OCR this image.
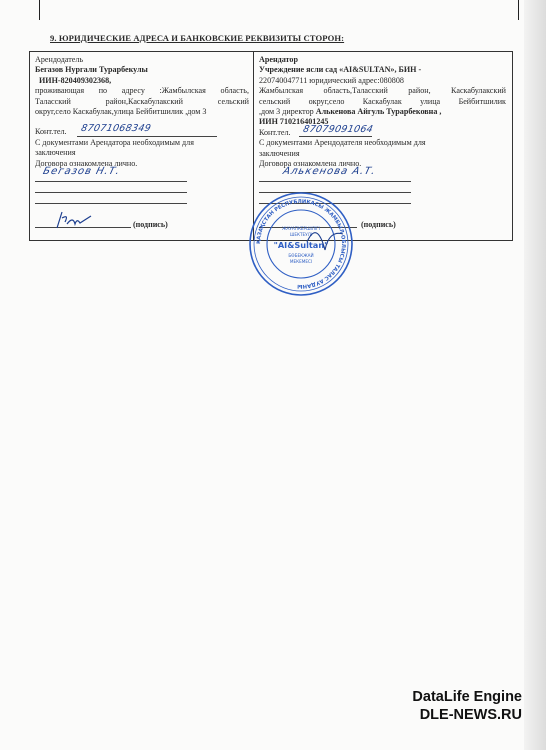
9. ЮРИДИЧЕСКИЕ АДРЕСА И БАНКОВСКИЕ РЕКВИЗИТЫ СТОРОН:
Арендодатель
Бегазов Нургали Турарбекулы
ИИН-820409302368,
проживающая по адресу :Жамбылская область,
Таласский район,Каскабулакский сельский
округ,село Каскабулак,улица Бейбитшилик ,дом 3
Конт.тел. 87071068349
С документами Арендатора необходимым для
заключения
Договора ознакомлена лично.
Бегазов Н.Т.
(подпись)
Арендатор
Учреждение ясли сад «AI&SULTAN», БИН -
220740047711 юридический адрес:080808
Жамбылская область,Таласский район, Каскабулакский
сельский округ,село Каскабулак улица Бейбитшилик
,дом 3 директор Алькенова Айгуль Турарбековна ,
ИИН 710216401245
Конт.тел. 87079091064
С документами Арендодателя необходимым для
заключения
Договора ознакомлена лично.
Алькенова А.Т.
(подпись)
ҚАЗАҚСТАН РЕСПУБЛИКАСЫ ЖАМБЫЛ ОБЛЫСЫ ТАЛАС АУДАНЫ
ЖАУАПКЕРШІЛІГІ
ШЕКТЕУЛІ
"AI&Sultan"
БӨБЕКЖАЙ
МЕКЕМЕСІ
DataLife Engine
DLE-NEWS.RU
